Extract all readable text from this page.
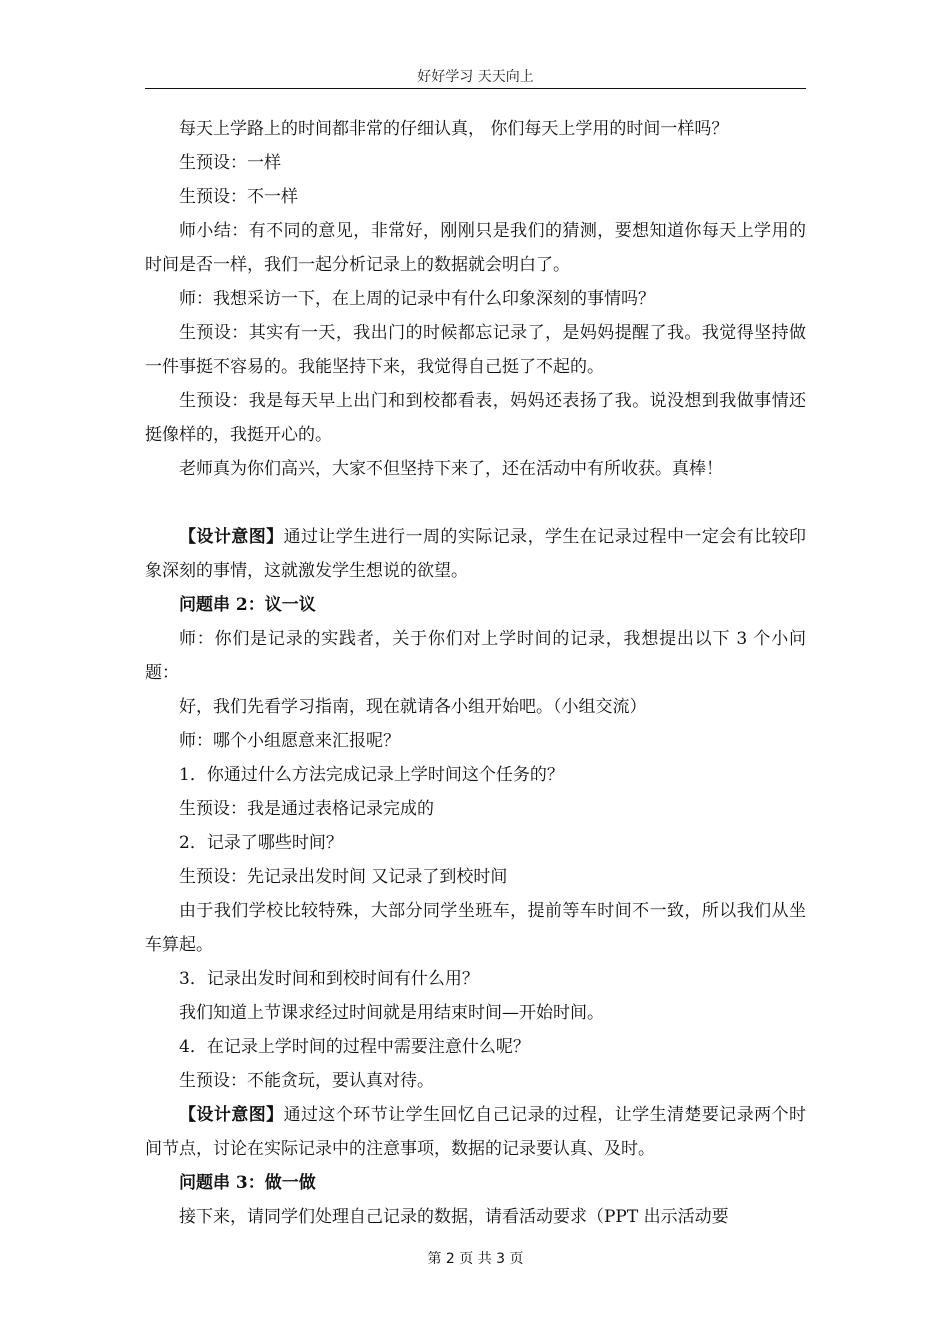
好好学习 天天向上

每天上学路上的时间都非常的仔细认真， 你们每天上学用的时间一样吗？

生预设：一样

生预设：不一样

师小结：有不同的意见，非常好，刚刚只是我们的猜测，要想知道你每天上学用的时间是否一样，我们一起分析记录上的数据就会明白了。

师：我想采访一下，在上周的记录中有什么印象深刻的事情吗？

生预设：其实有一天，我出门的时候都忘记录了，是妈妈提醒了我。我觉得坚持做一件事挺不容易的。我能坚持下来，我觉得自己挺了不起的。

生预设：我是每天早上出门和到校都看表，妈妈还表扬了我。说没想到我做事情还挺像样的，我挺开心的。

老师真为你们高兴，大家不但坚持下来了，还在活动中有所收获。真棒！

【设计意图】通过让学生进行一周的实际记录，学生在记录过程中一定会有比较印象深刻的事情，这就激发学生想说的欲望。

问题串 2：议一议

师：你们是记录的实践者，关于你们对上学时间的记录，我想提出以下 3 个小问题：

好，我们先看学习指南，现在就请各小组开始吧。（小组交流）

师：哪个小组愿意来汇报呢？

1．你通过什么方法完成记录上学时间这个任务的？

生预设：我是通过表格记录完成的

2．记录了哪些时间？

生预设：先记录出发时间 又记录了到校时间

由于我们学校比较特殊，大部分同学坐班车，提前等车时间不一致，所以我们从坐车算起。

3．记录出发时间和到校时间有什么用？

我们知道上节课求经过时间就是用结束时间—开始时间。

4．在记录上学时间的过程中需要注意什么呢？

生预设：不能贪玩，要认真对待。

【设计意图】通过这个环节让学生回忆自己记录的过程，让学生清楚要记录两个时间节点，讨论在实际记录中的注意事项，数据的记录要认真、及时。

问题串 3：做一做

接下来，请同学们处理自己记录的数据，请看活动要求（PPT 出示活动要

第 2 页 共 3 页
